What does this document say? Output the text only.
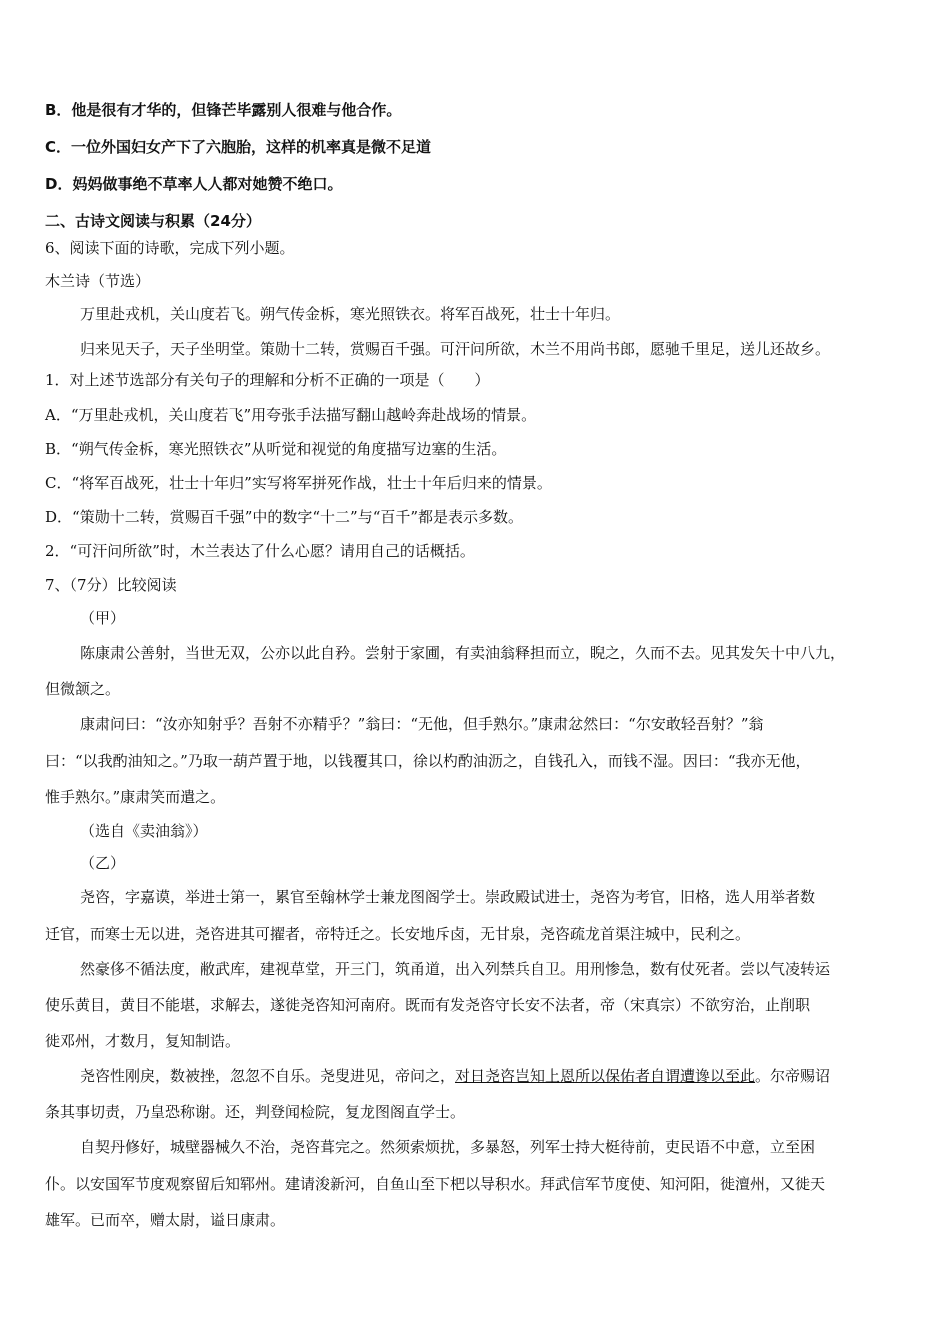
B．他是很有才华的，但锋芒毕露别人很难与他合作。
C．一位外国妇女产下了六胞胎，这样的机率真是微不足道
D．妈妈做事绝不草率人人都对她赞不绝口。
二、古诗文阅读与积累（24分）
6、阅读下面的诗歌，完成下列小题。
木兰诗（节选）
万里赴戎机，关山度若飞。朔气传金柝，寒光照铁衣。将军百战死，壮士十年归。
归来见天子，天子坐明堂。策勋十二转，赏赐百千强。可汗问所欲，木兰不用尚书郎，愿驰千里足，送儿还故乡。
1．对上述节选部分有关句子的理解和分析不正确的一项是（　　）
A．“万里赴戎机，关山度若飞”用夸张手法描写翻山越岭奔赴战场的情景。
B．“朔气传金柝，寒光照铁衣”从听觉和视觉的角度描写边塞的生活。
C．“将军百战死，壮士十年归”实写将军拼死作战，壮士十年后归来的情景。
D．“策勋十二转，赏赐百千强”中的数字“十二”与“百千”都是表示多数。
2．“可汗问所欲”时，木兰表达了什么心愿？请用自己的话概括。
7、（7分）比较阅读
（甲）
陈康肃公善射，当世无双，公亦以此自矜。尝射于家圃，有卖油翁释担而立，睨之，久而不去。见其发矢十中八九，
但微颔之。
康肃问曰：“汝亦知射乎？吾射不亦精乎？”翁曰：“无他，但手熟尔。”康肃忿然曰：“尔安敢轻吾射？”翁
曰：“以我酌油知之。”乃取一葫芦置于地，以钱覆其口，徐以杓酌油沥之，自钱孔入，而钱不湿。因曰：“我亦无他，
惟手熟尔。”康肃笑而遣之。
（选自《卖油翁》）
（乙）
尧咨，字嘉谟，举进士第一，累官至翰林学士兼龙图阁学士。崇政殿试进士，尧咨为考官，旧格，选人用举者数
迁官，而寒士无以进，尧咨进其可擢者，帝特迁之。长安地斥卤，无甘泉，尧咨疏龙首渠注城中，民利之。
然豪侈不循法度，敝武库，建视草堂，开三门，筑甬道，出入列禁兵自卫。用刑惨急，数有仗死者。尝以气凌转运
使乐黄目，黄目不能堪，求解去，遂徙尧咨知河南府。既而有发尧咨守长安不法者，帝（宋真宗）不欲穷治，止削职
徙邓州，才数月，复知制诰。
尧咨性刚戾，数被挫，忽忽不自乐。尧叟进见，帝问之，对日尧咨岂知上恩所以保佑者自谓遭谗以至此。尔帝赐诏
条其事切责，乃皇恐称谢。还，判登闻检院，复龙图阁直学士。
自契丹修好，城壁器械久不治，尧咨葺完之。然须索烦扰，多暴怒，列军士持大梃待前，吏民语不中意，立至困
仆。以安国军节度观察留后知郓州。建请浚新河，自鱼山至下杷以导积水。拜武信军节度使、知河阳，徙澶州，又徙天
雄军。已而卒，赠太尉，谥日康肃。
